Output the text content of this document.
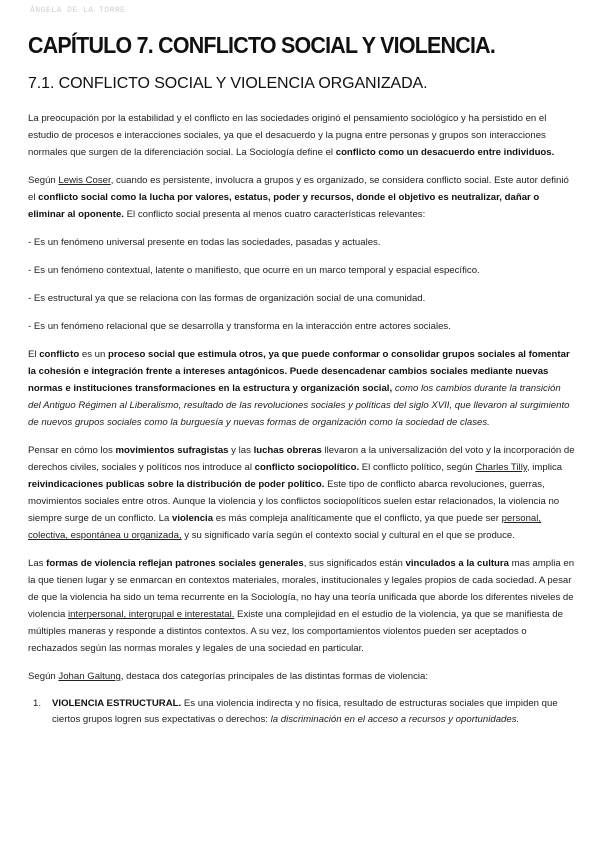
ÁNGELA DE LA TORRE
CAPÍTULO 7. CONFLICTO SOCIAL Y VIOLENCIA.
7.1. CONFLICTO SOCIAL Y VIOLENCIA ORGANIZADA.

La preocupación por la estabilidad y el conflicto en las sociedades originó el pensamiento sociológico y ha persistido en el estudio de procesos e interacciones sociales, ya que el desacuerdo y la pugna entre personas y grupos son interacciones normales que surgen de la diferenciación social. La Sociología define el conflicto como un desacuerdo entre individuos.

Según Lewis Coser, cuando es persistente, involucra a grupos y es organizado, se considera conflicto social. Este autor definió el conflicto social como la lucha por valores, estatus, poder y recursos, donde el objetivo es neutralizar, dañar o eliminar al oponente. El conflicto social presenta al menos cuatro características relevantes:

- Es un fenómeno universal presente en todas las sociedades, pasadas y actuales.

- Es un fenómeno contextual, latente o manifiesto, que ocurre en un marco temporal y espacial específico.

- Es estructural ya que se relaciona con las formas de organización social de una comunidad.

- Es un fenómeno relacional que se desarrolla y transforma en la interacción entre actores sociales.

El conflicto es un proceso social que estimula otros, ya que puede conformar o consolidar grupos sociales al fomentar la cohesión e integración frente a intereses antagónicos. Puede desencadenar cambios sociales mediante nuevas normas e instituciones transformaciones en la estructura y organización social, como los cambios durante la transición del Antiguo Régimen al Liberalismo, resultado de las revoluciones sociales y políticas del siglo XVII, que llevaron al surgimiento de nuevos grupos sociales como la burguesía y nuevas formas de organización como la sociedad de clases.

Pensar en cómo los movimientos sufragistas y las luchas obreras llevaron a la universalización del voto y la incorporación de derechos civiles, sociales y políticos nos introduce al conflicto sociopolítico. El conflicto político, según Charles Tilly, implica reivindicaciones publicas sobre la distribución de poder político. Este tipo de conflicto abarca revoluciones, guerras, movimientos sociales entre otros. Aunque la violencia y los conflictos sociopolíticos suelen estar relacionados, la violencia no siempre surge de un conflicto. La violencia es más compleja analíticamente que el conflicto, ya que puede ser personal, colectiva, espontánea u organizada, y su significado varía según el contexto social y cultural en el que se produce.

Las formas de violencia reflejan patrones sociales generales, sus significados están vinculados a la cultura mas amplia en la que tienen lugar y se enmarcan en contextos materiales, morales, institucionales y legales propios de cada sociedad. A pesar de que la violencia ha sido un tema recurrente en la Sociología, no hay una teoría unificada que aborde los diferentes niveles de violencia interpersonal, intergrupal e interestatal. Existe una complejidad en el estudio de la violencia, ya que se manifiesta de múltiples maneras y responde a distintos contextos. A su vez, los comportamientos violentos pueden ser aceptados o rechazados según las normas morales y legales de una sociedad en particular.

Según Johan Galtung, destaca dos categorías principales de las distintas formas de violencia:

1. VIOLENCIA ESTRUCTURAL. Es una violencia indirecta y no física, resultado de estructuras sociales que impiden que ciertos grupos logren sus expectativas o derechos: la discriminación en el acceso a recursos y oportunidades.
